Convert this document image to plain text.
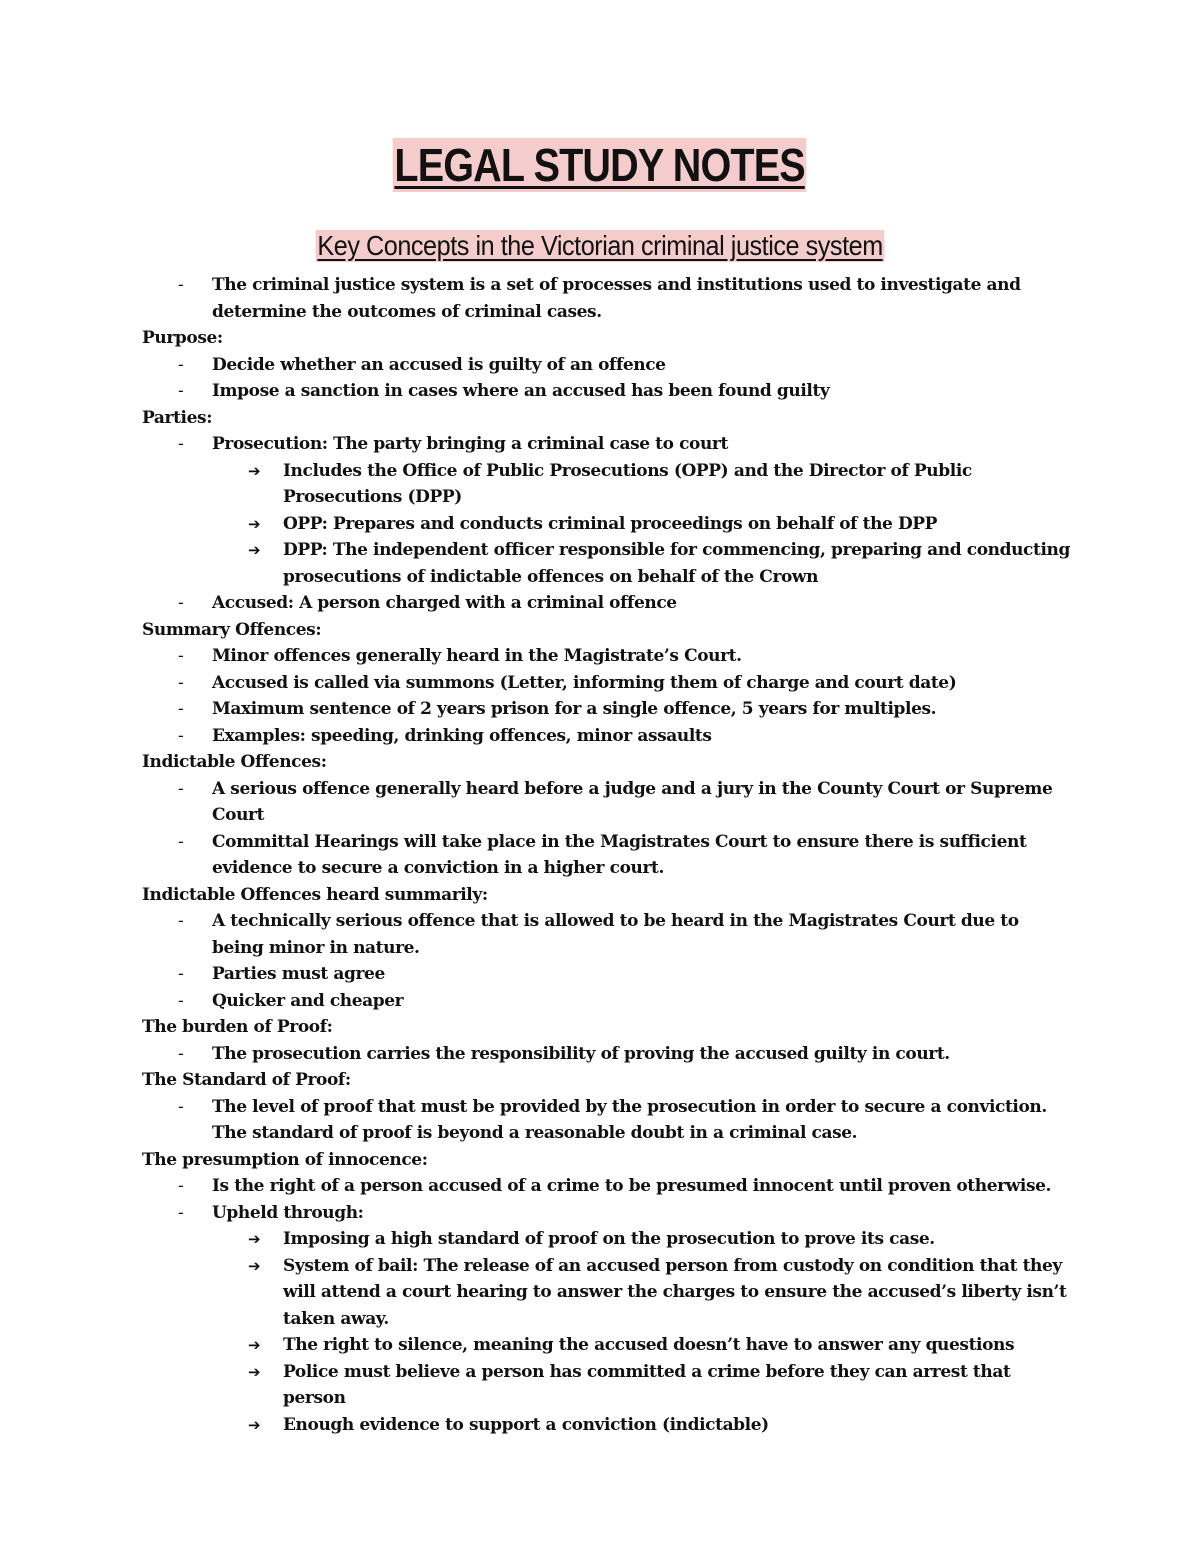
LEGAL STUDY NOTES
Key Concepts in the Victorian criminal justice system

- The criminal justice system is a set of processes and institutions used to investigate and determine the outcomes of criminal cases.

Purpose:

- Decide whether an accused is guilty of an offence

- Impose a sanction in cases where an accused has been found guilty

Parties:

- Prosecution: The party bringing a criminal case to court

➔ Includes the Office of Public Prosecutions (OPP) and the Director of Public Prosecutions (DPP)

➔ OPP: Prepares and conducts criminal proceedings on behalf of the DPP

➔ DPP: The independent officer responsible for commencing, preparing and conducting prosecutions of indictable offences on behalf of the Crown

- Accused: A person charged with a criminal offence

Summary Offences:

- Minor offences generally heard in the Magistrate’s Court.

- Accused is called via summons (Letter, informing them of charge and court date)

- Maximum sentence of 2 years prison for a single offence, 5 years for multiples.

- Examples: speeding, drinking offences, minor assaults

Indictable Offences:

- A serious offence generally heard before a judge and a jury in the County Court or Supreme Court

- Committal Hearings will take place in the Magistrates Court to ensure there is sufficient evidence to secure a conviction in a higher court.

Indictable Offences heard summarily:

- A technically serious offence that is allowed to be heard in the Magistrates Court due to being minor in nature.

- Parties must agree

- Quicker and cheaper

The burden of Proof:

- The prosecution carries the responsibility of proving the accused guilty in court.

The Standard of Proof:

- The level of proof that must be provided by the prosecution in order to secure a conviction. The standard of proof is beyond a reasonable doubt in a criminal case.

The presumption of innocence:

- Is the right of a person accused of a crime to be presumed innocent until proven otherwise.

- Upheld through:

➔ Imposing a high standard of proof on the prosecution to prove its case.

➔ System of bail: The release of an accused person from custody on condition that they will attend a court hearing to answer the charges to ensure the accused’s liberty isn’t taken away.

➔ The right to silence, meaning the accused doesn’t have to answer any questions

➔ Police must believe a person has committed a crime before they can arrest that person

➔ Enough evidence to support a conviction (indictable)
